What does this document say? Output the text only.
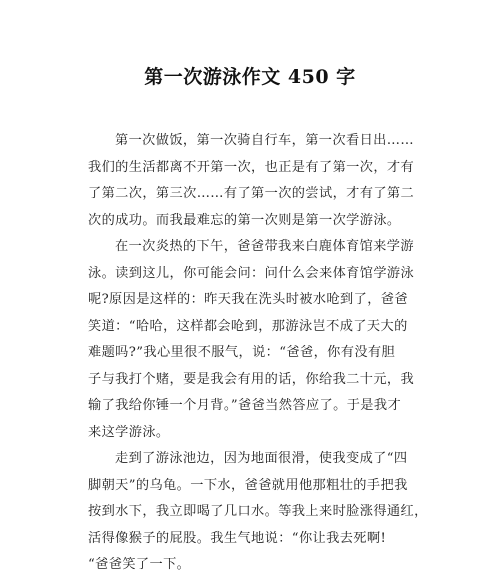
第一次游泳作文 450 字
第一次做饭，第一次骑自行车，第一次看日出……
我们的生活都离不开第一次，也正是有了第一次，才有
了第二次，第三次……有了第一次的尝试，才有了第二
次的成功。而我最难忘的第一次则是第一次学游泳。
在一次炎热的下午，爸爸带我来白鹿体育馆来学游
泳。读到这儿，你可能会问：问什么会来体育馆学游泳
呢?原因是这样的：昨天我在洗头时被水呛到了，爸爸
笑道：“哈哈，这样都会呛到，那游泳岂不成了天大的
难题吗?”我心里很不服气，说：“爸爸，你有没有胆
子与我打个赌，要是我会有用的话，你给我二十元，我
输了我给你锤一个月背。”爸爸当然答应了。于是我才
来这学游泳。
走到了游泳池边，因为地面很滑，使我变成了“四
脚朝天”的乌龟。一下水，爸爸就用他那粗壮的手把我
按到水下，我立即喝了几口水。等我上来时脸涨得通红，
活得像猴子的屁股。我生气地说：“你让我去死啊!
“爸爸笑了一下。
